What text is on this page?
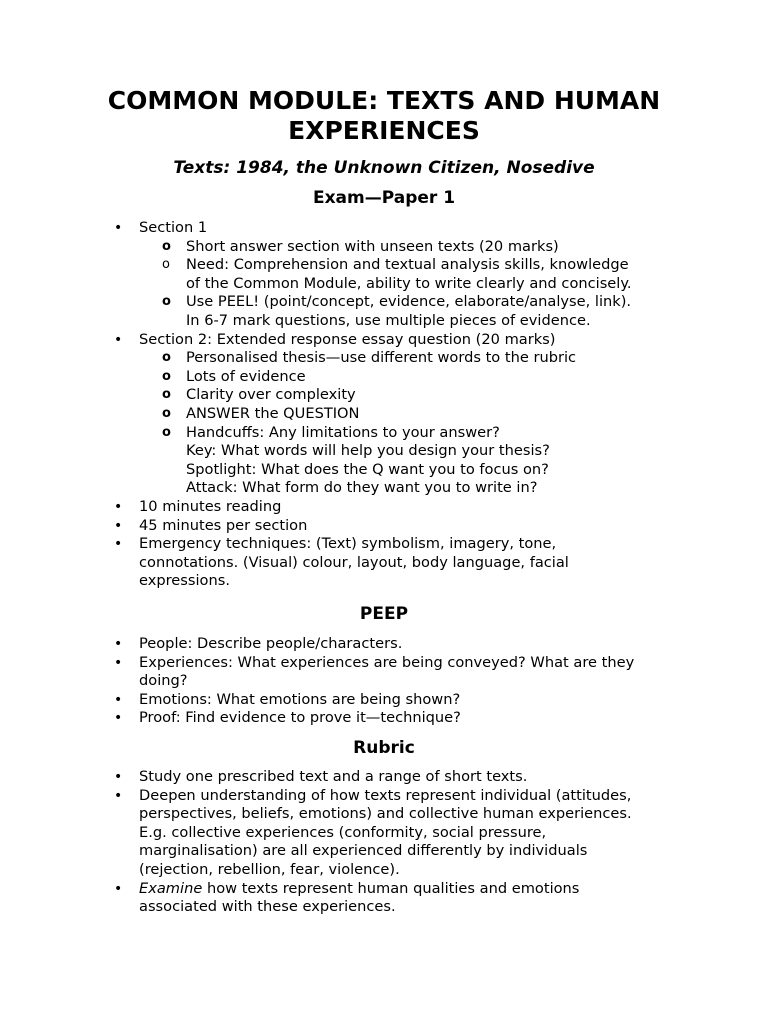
COMMON MODULE: TEXTS AND HUMAN
EXPERIENCES

Texts: 1984, the Unknown Citizen, Nosedive

Exam—Paper 1
• Section 1
o Short answer section with unseen texts (20 marks)
o Need: Comprehension and textual analysis skills, knowledge
of the Common Module, ability to write clearly and concisely.
o Use PEEL! (point/concept, evidence, elaborate/analyse, link).
In 6-7 mark questions, use multiple pieces of evidence.
• Section 2: Extended response essay question (20 marks)
o Personalised thesis—use different words to the rubric
o Lots of evidence
o Clarity over complexity
o ANSWER the QUESTION
o Handcuffs: Any limitations to your answer?
Key: What words will help you design your thesis?
Spotlight: What does the Q want you to focus on?
Attack: What form do they want you to write in?
• 10 minutes reading
• 45 minutes per section
• Emergency techniques: (Text) symbolism, imagery, tone,
connotations. (Visual) colour, layout, body language, facial
expressions.
PEEP
• People: Describe people/characters.
• Experiences: What experiences are being conveyed? What are they
doing?
• Emotions: What emotions are being shown?
• Proof: Find evidence to prove it—technique?
Rubric
• Study one prescribed text and a range of short texts.
• Deepen understanding of how texts represent individual (attitudes,
perspectives, beliefs, emotions) and collective human experiences.
E.g. collective experiences (conformity, social pressure,
marginalisation) are all experienced differently by individuals
(rejection, rebellion, fear, violence).
• Examine how texts represent human qualities and emotions
associated with these experiences.
